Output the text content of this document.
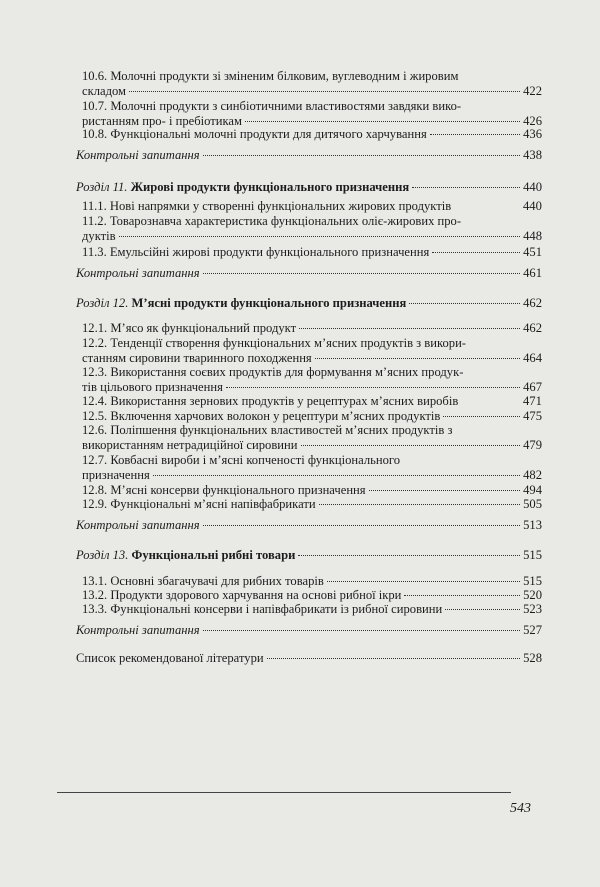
10.6. Молочні продукти зі зміненим білковим, вуглеводним і жировим
складом	422
10.7. Молочні продукти з синбіотичними властивостями завдяки вико-
ристанням про- і пребіотикам	426
10.8. Функціональні молочні продукти для дитячого харчування	436
Контрольні запитання	438
Розділ 11. Жирові продукти функціонального призначення	440
11.1. Нові напрямки у створенні функціональних жирових продуктів	440
11.2. Товарознавча характеристика функціональних оліє-жирових про-
дуктів	448
11.3. Емульсійні жирові продукти функціонального призначення	451
Контрольні запитання	461
Розділ 12. М’ясні продукти функціонального призначення	462
12.1. М’ясо як функціональний продукт	462
12.2. Тенденції створення функціональних м’ясних продуктів з викори-
станням сировини тваринного походження	464
12.3. Використання соєвих продуктів для формування м’ясних продук-
тів цільового призначення	467
12.4. Використання зернових продуктів у рецептурах м’ясних виробів	471
12.5. Включення харчових волокон у рецептури м’ясних продуктів	475
12.6. Поліпшення функціональних властивостей м’ясних продуктів з
використанням нетрадиційної сировини	479
12.7. Ковбасні вироби і м’ясні копченості функціонального
призначення	482
12.8. М’ясні консерви функціонального призначення	494
12.9. Функціональні м’ясні напівфабрикати	505
Контрольні запитання	513
Розділ 13. Функціональні рибні товари	515
13.1. Основні збагачувачі для рибних товарів	515
13.2. Продукти здорового харчування на основі рибної ікри	520
13.3. Функціональні консерви і напівфабрикати із рибної сировини	523
Контрольні запитання	527
Список рекомендованої літератури	528
543
